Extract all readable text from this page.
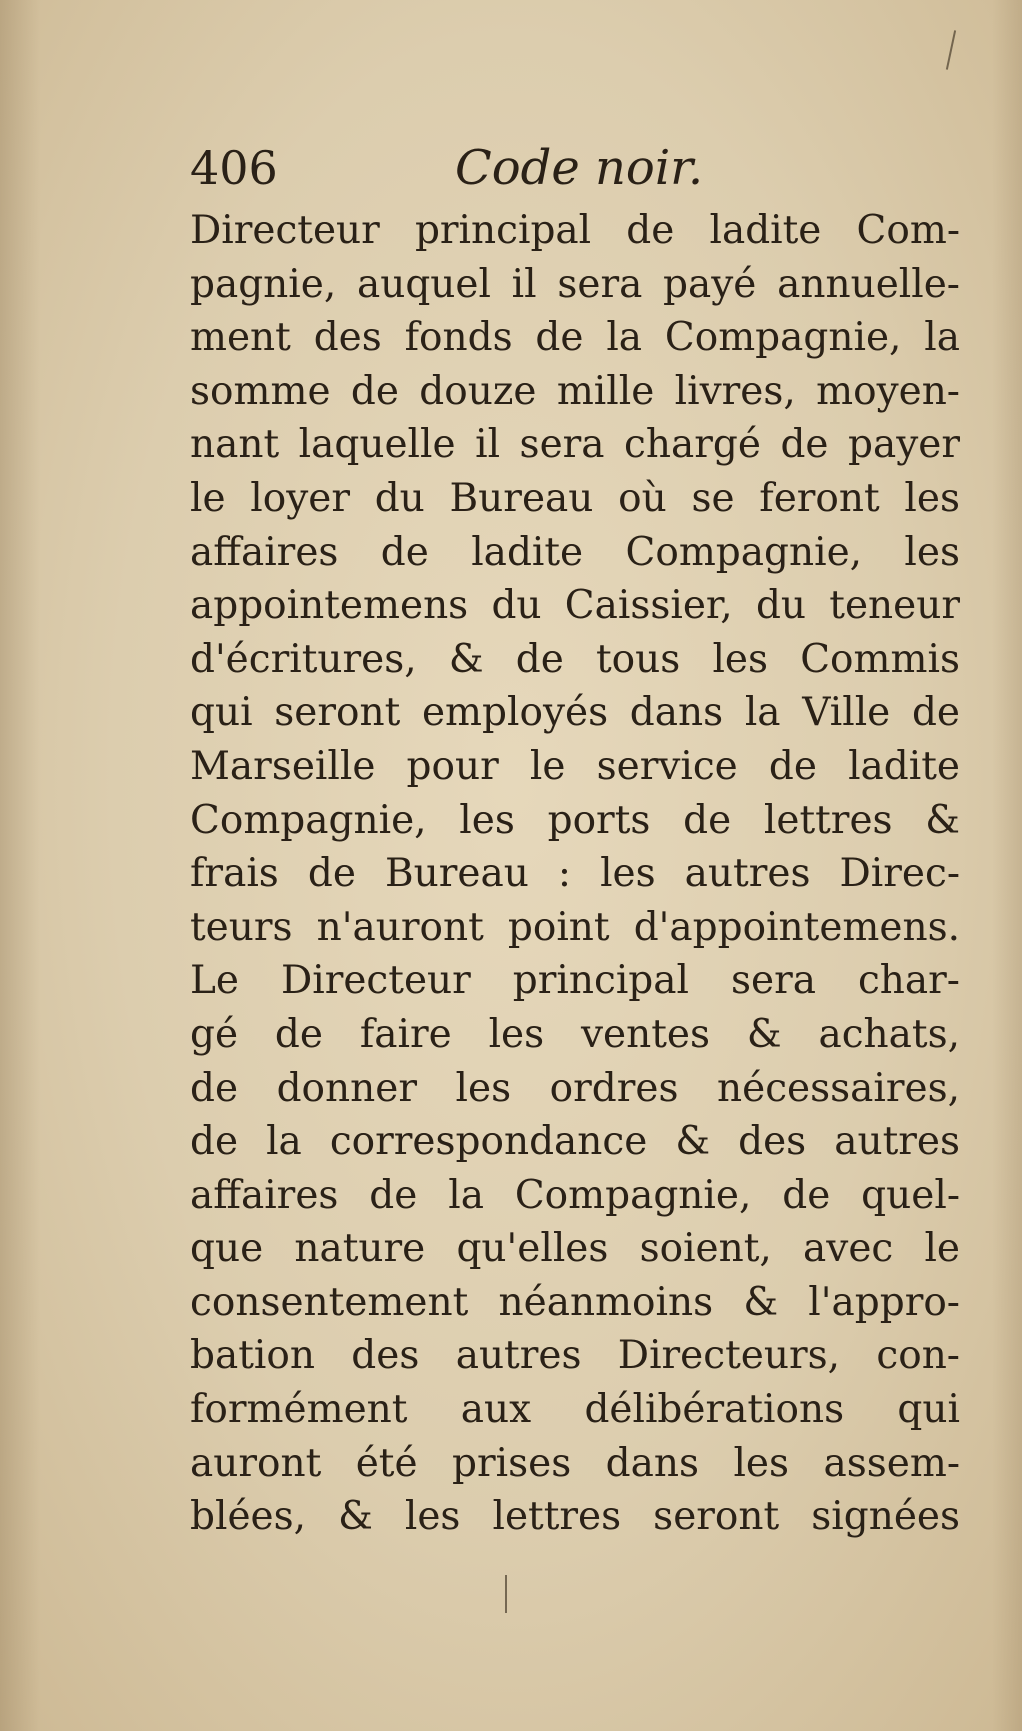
406	Code noir.
Directeur principal de ladite Com-
pagnie, auquel il sera payé annuelle-
ment des fonds de la Compagnie, la
somme de douze mille livres, moyen-
nant laquelle il sera chargé de payer
le loyer du Bureau où se feront les
affaires de ladite Compagnie, les
appointemens du Caissier, du teneur
d'écritures, & de tous les Commis
qui seront employés dans la Ville de
Marseille pour le service de ladite
Compagnie, les ports de lettres &
frais de Bureau : les autres Direc-
teurs n'auront point d'appointemens.
Le Directeur principal sera char-
gé de faire les ventes & achats,
de donner les ordres nécessaires,
de la correspondance & des autres
affaires de la Compagnie, de quel-
que nature qu'elles soient, avec le
consentement néanmoins & l'appro-
bation des autres Directeurs, con-
formément aux délibérations qui
auront été prises dans les assem-
blées, & les lettres seront signées
